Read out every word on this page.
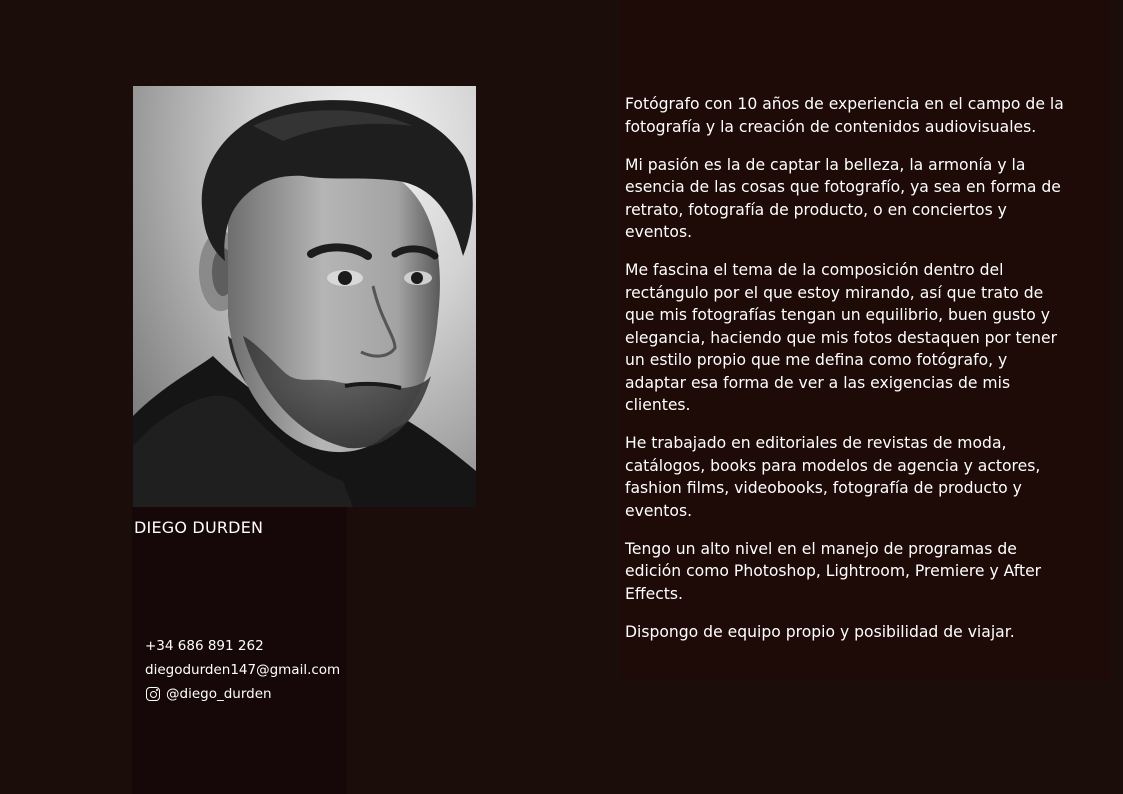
DIEGO DURDEN
+34 686 891 262
diegodurden147@gmail.com
@diego_durden

Fotógrafo con 10 años de experiencia en el campo de la fotografía y la creación de contenidos audiovisuales.

Mi pasión es la de captar la belleza, la armonía y la esencia de las cosas que fotografío, ya sea en forma de retrato, fotografía de producto, o en conciertos y eventos.

Me fascina el tema de la composición dentro del rectángulo por el que estoy mirando, así que trato de que mis fotografías tengan un equilibrio, buen gusto y elegancia, haciendo que mis fotos destaquen por tener un estilo propio que me defina como fotógrafo, y adaptar esa forma de ver a las exigencias de mis clientes.

He trabajado en editoriales de revistas de moda, catálogos, books para modelos de agencia y actores, fashion films, videobooks, fotografía de producto y eventos.

Tengo un alto nivel en el manejo de programas de edición como Photoshop, Lightroom, Premiere y After Effects.

Dispongo de equipo propio y posibilidad de viajar.
